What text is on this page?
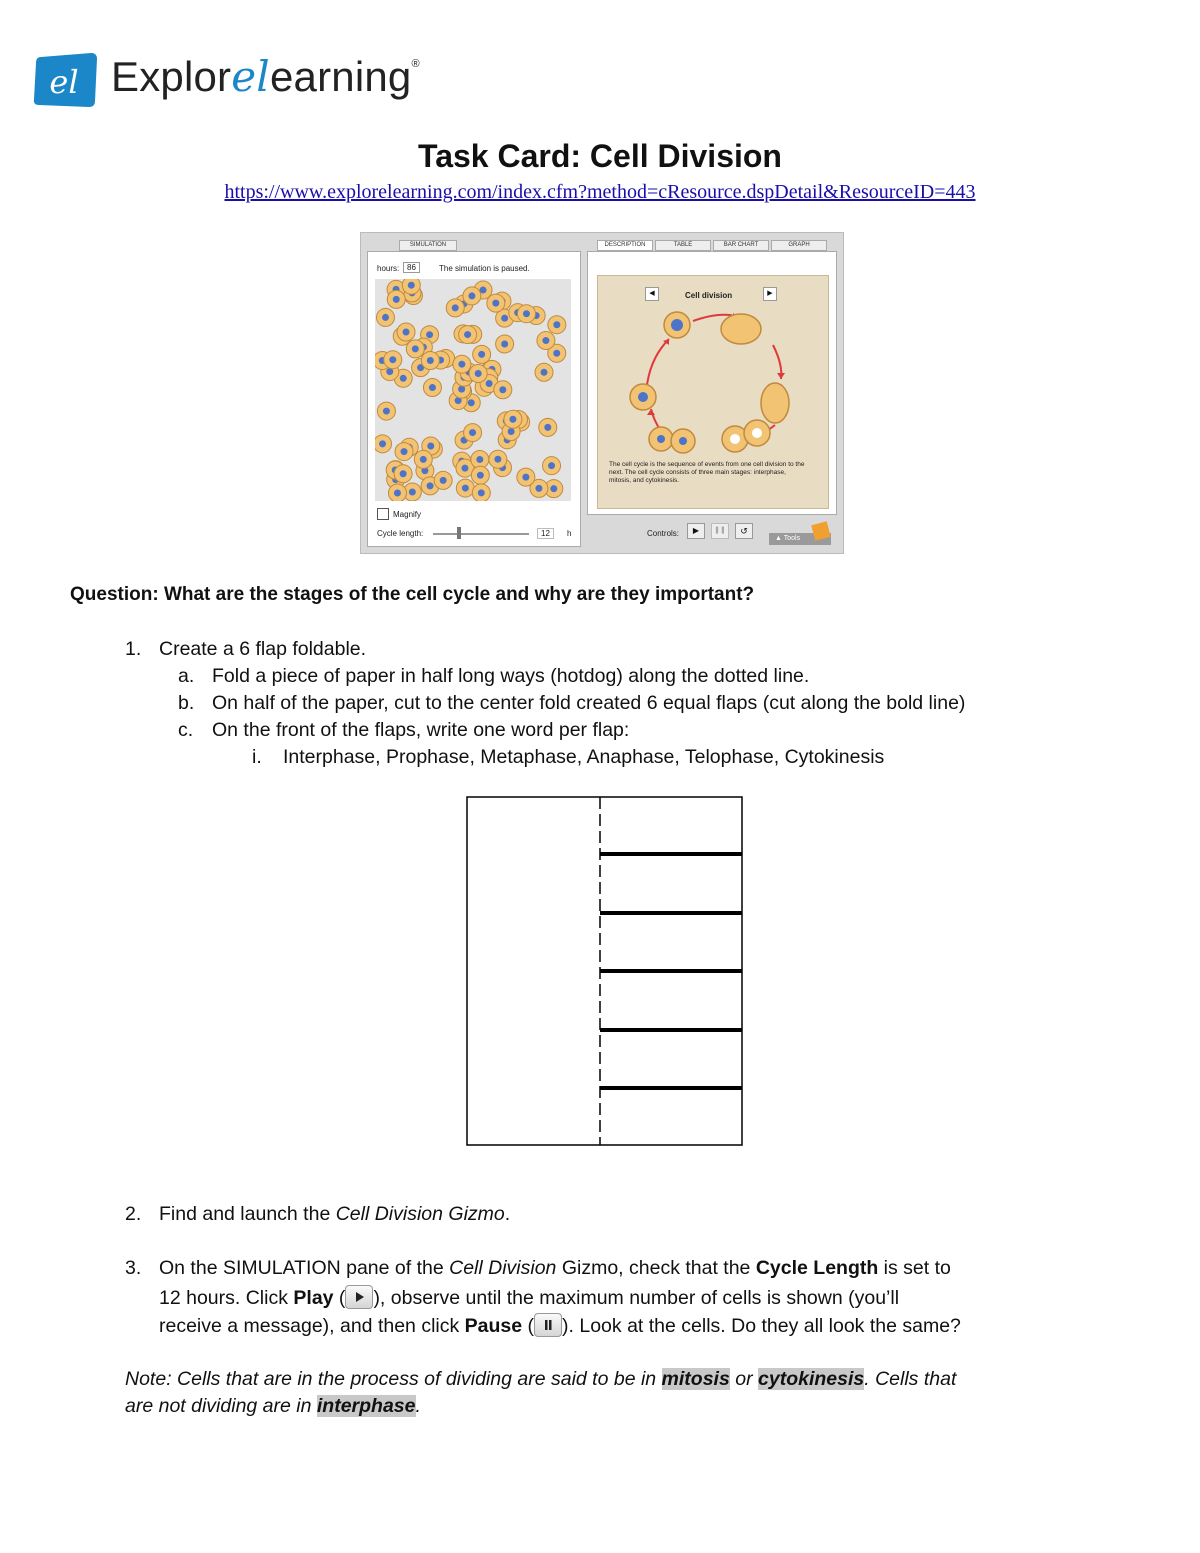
el Explorelearning®
Task Card: Cell Division
https://www.explorelearning.com/index.cfm?method=cResource.dspDetail&ResourceID=443
SIMULATION
hours: 86	The simulation is paused.
Magnify
Cycle length:	12	h
DESCRIPTION	TABLE	BAR CHART	GRAPH
◀	▶
Cell division
The cell cycle is the sequence of events from one cell division to the next. The cell cycle consists of three main stages: interphase, mitosis, and cytokinesis.
Controls:	▶	❚❚	↺
▲ Tools
Question: What are the stages of the cell cycle and why are they important?
1. Create a 6 flap foldable.
a. Fold a piece of paper in half long ways (hotdog) along the dotted line.
b. On half of the paper, cut to the center fold created 6 equal flaps (cut along the bold line)
c. On the front of the flaps, write one word per flap:
i. Interphase, Prophase, Metaphase, Anaphase, Telophase, Cytokinesis
2. Find and launch the Cell Division Gizmo.
3. On the SIMULATION pane of the Cell Division Gizmo, check that the Cycle Length is set to
12 hours. Click Play ( ), observe until the maximum number of cells is shown (you’ll
receive a message), and then click Pause ( ). Look at the cells. Do they all look the same?
Note: Cells that are in the process of dividing are said to be in mitosis or cytokinesis. Cells that
are not dividing are in interphase.
